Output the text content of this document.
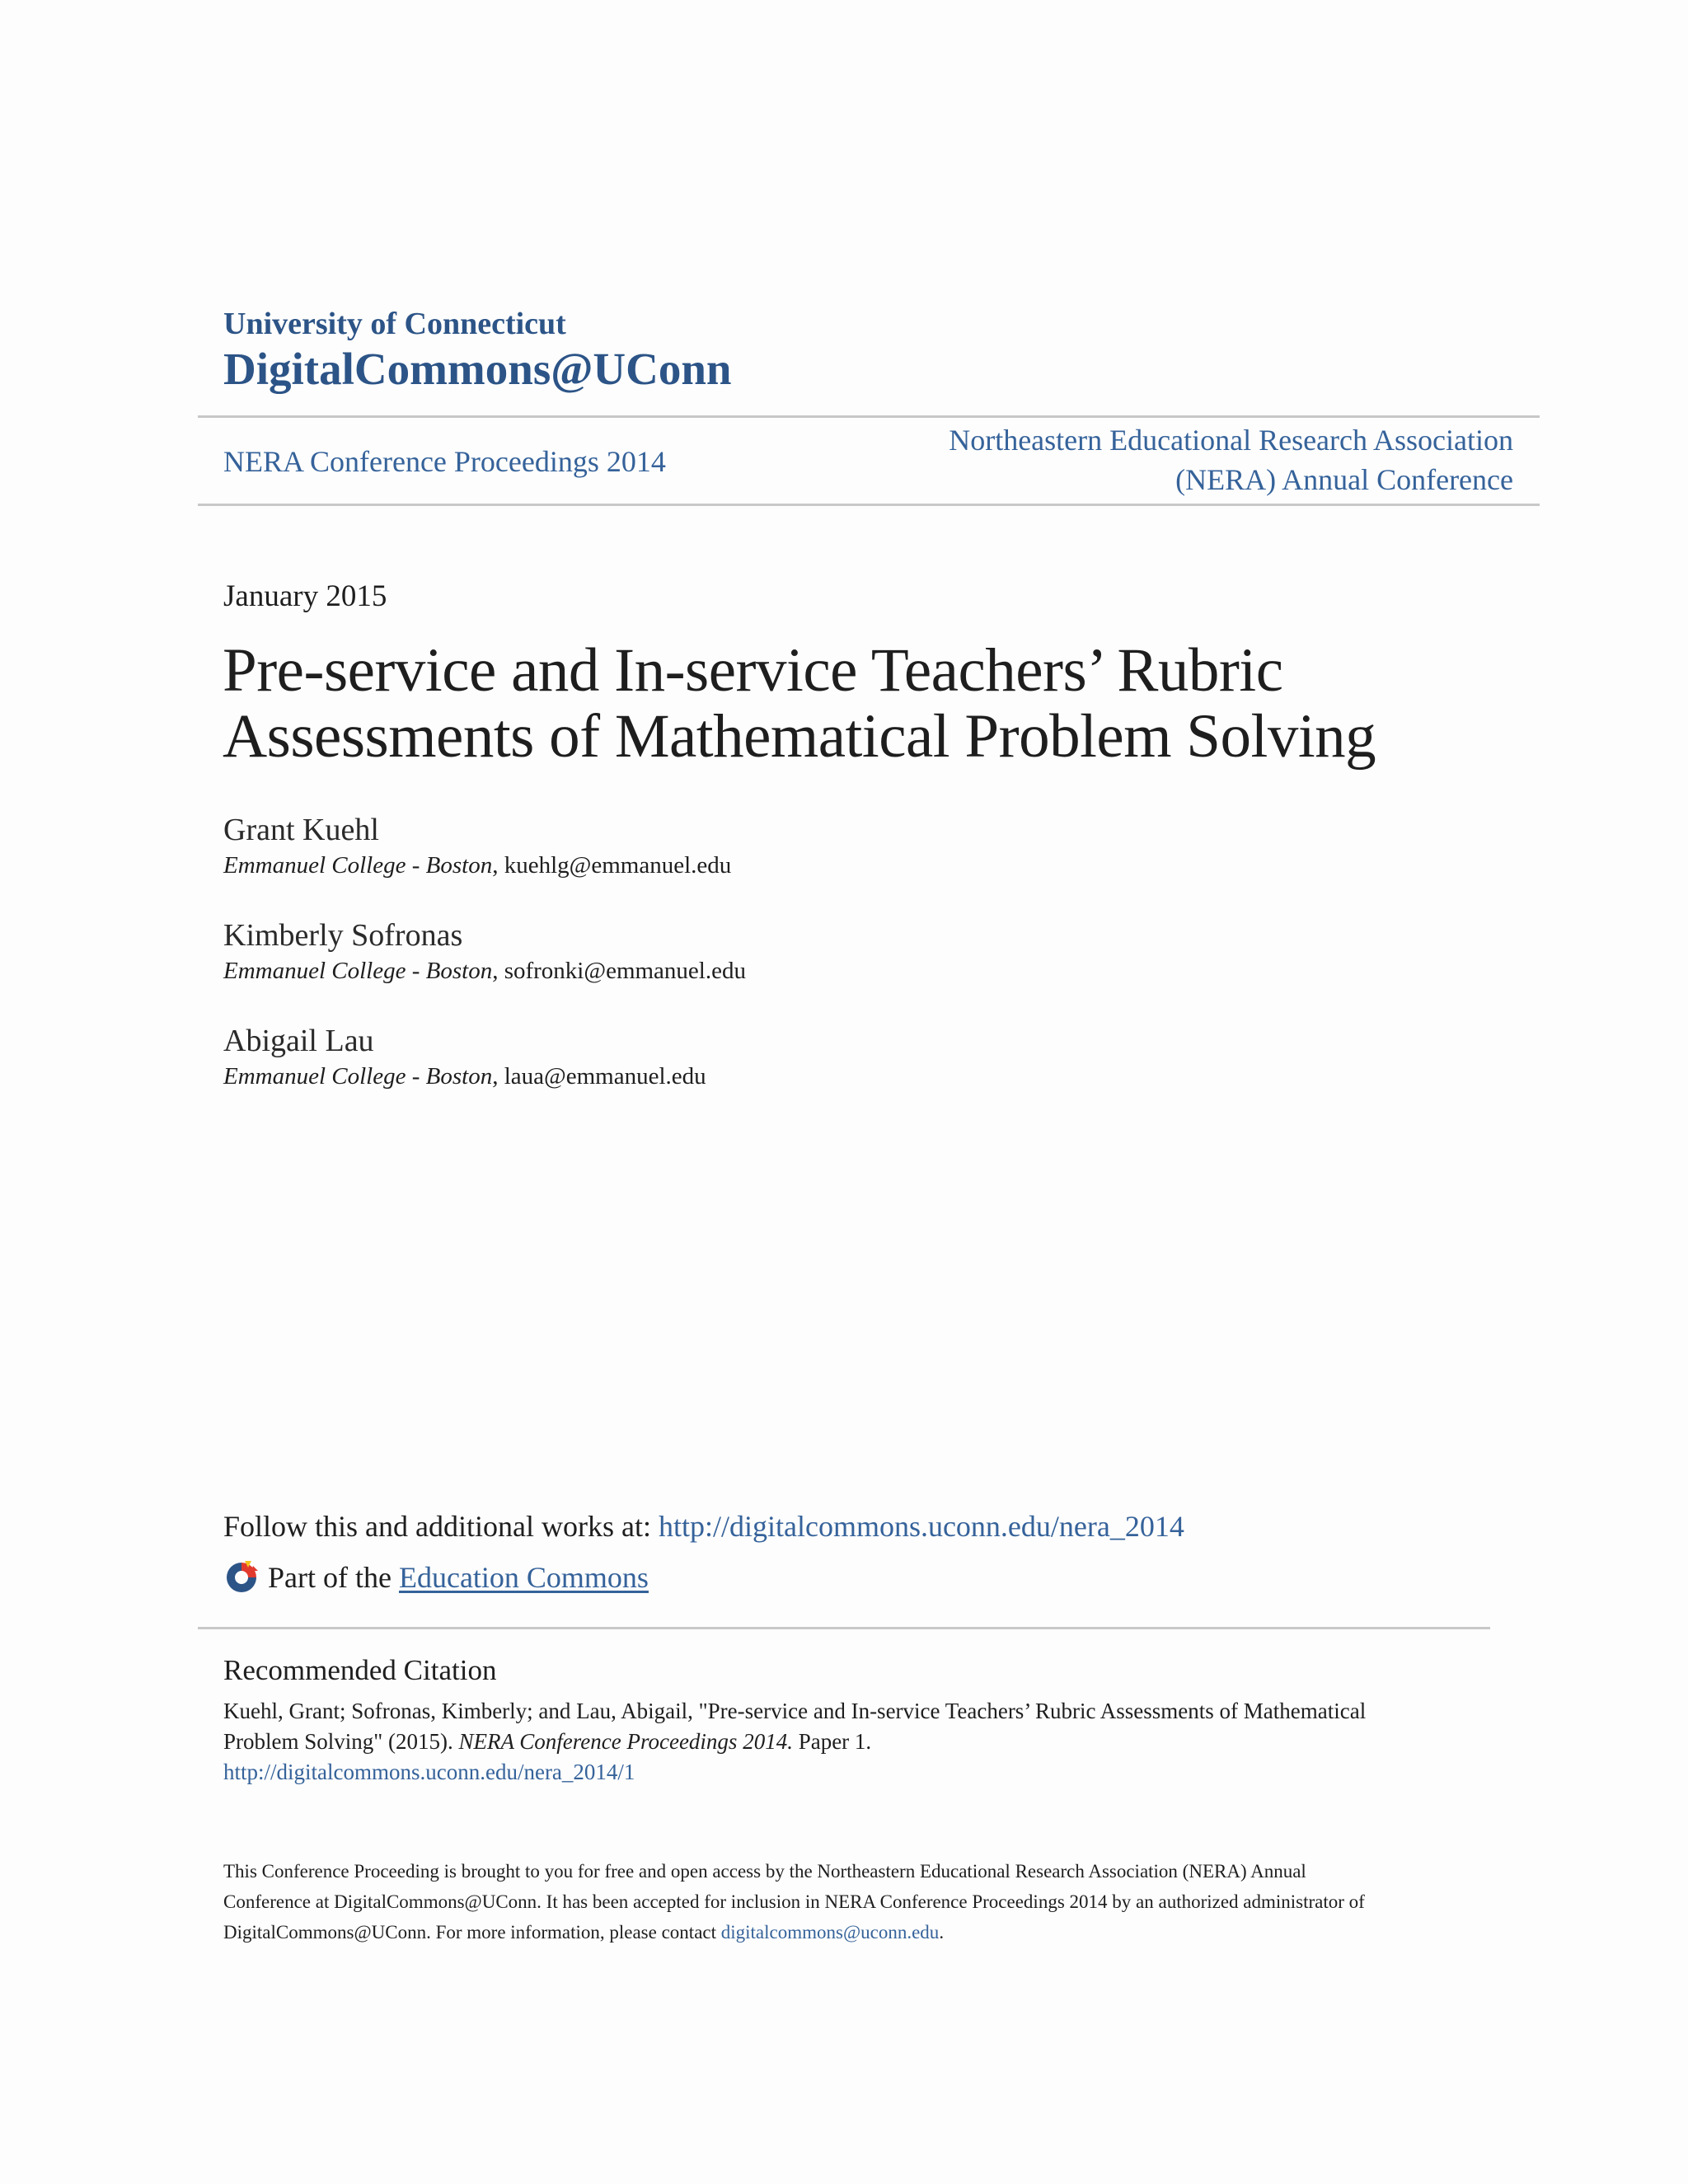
University of Connecticut
DigitalCommons@UConn
NERA Conference Proceedings 2014
Northeastern Educational Research Association
(NERA) Annual Conference
January 2015
Pre-service and In-service Teachers’ Rubric
Assessments of Mathematical Problem Solving
Grant Kuehl
Emmanuel College - Boston, kuehlg@emmanuel.edu
Kimberly Sofronas
Emmanuel College - Boston, sofronki@emmanuel.edu
Abigail Lau
Emmanuel College - Boston, laua@emmanuel.edu
Follow this and additional works at: http://digitalcommons.uconn.edu/nera_2014
Part of the Education Commons
Recommended Citation
Kuehl, Grant; Sofronas, Kimberly; and Lau, Abigail, "Pre-service and In-service Teachers’ Rubric Assessments of Mathematical
Problem Solving" (2015). NERA Conference Proceedings 2014. Paper 1.
http://digitalcommons.uconn.edu/nera_2014/1
This Conference Proceeding is brought to you for free and open access by the Northeastern Educational Research Association (NERA) Annual
Conference at DigitalCommons@UConn. It has been accepted for inclusion in NERA Conference Proceedings 2014 by an authorized administrator of
DigitalCommons@UConn. For more information, please contact digitalcommons@uconn.edu.
